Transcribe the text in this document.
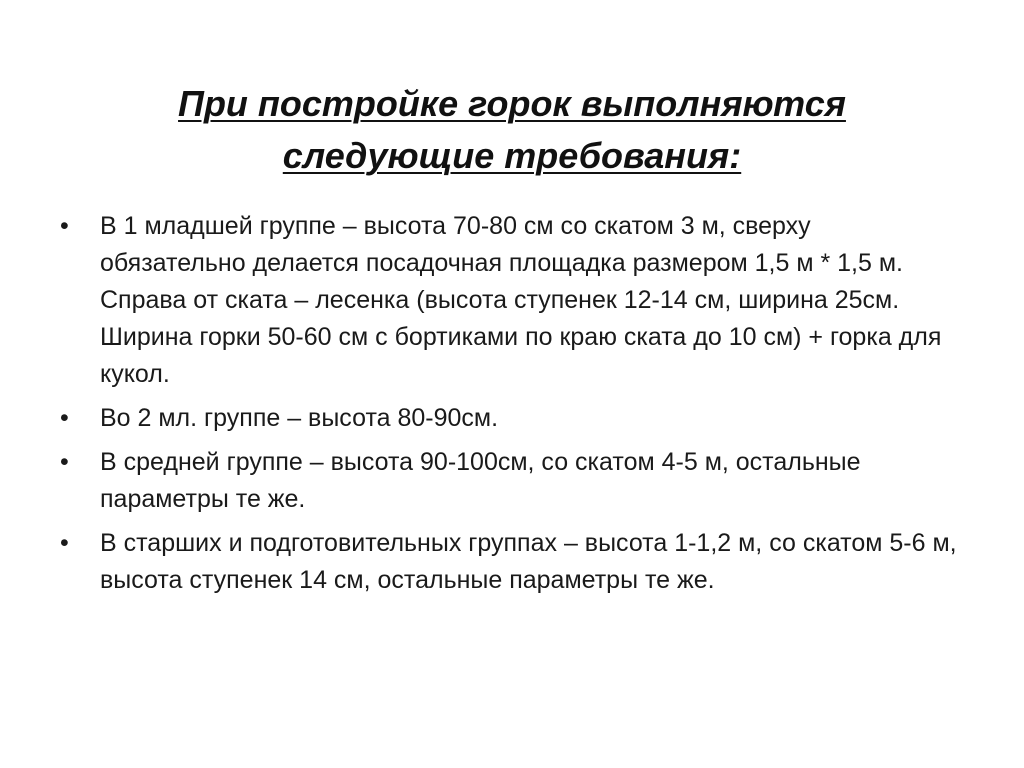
При постройке горок выполняются
следующие требования:
•	В 1 младшей группе – высота 70-80 см со скатом 3 м, сверху обязательно делается посадочная площадка размером 1,5 м * 1,5 м. Справа от ската – лесенка (высота ступенек 12-14 см, ширина 25см. Ширина горки 50-60 см с бортиками по краю ската до 10 см) + горка для кукол.
•	Во 2 мл. группе – высота 80-90см.
•	В средней группе – высота 90-100см, со скатом 4-5 м, остальные параметры те же.
•	В старших и подготовительных группах – высота 1-1,2 м, со скатом 5-6 м, высота ступенек 14 см, остальные параметры те же.
